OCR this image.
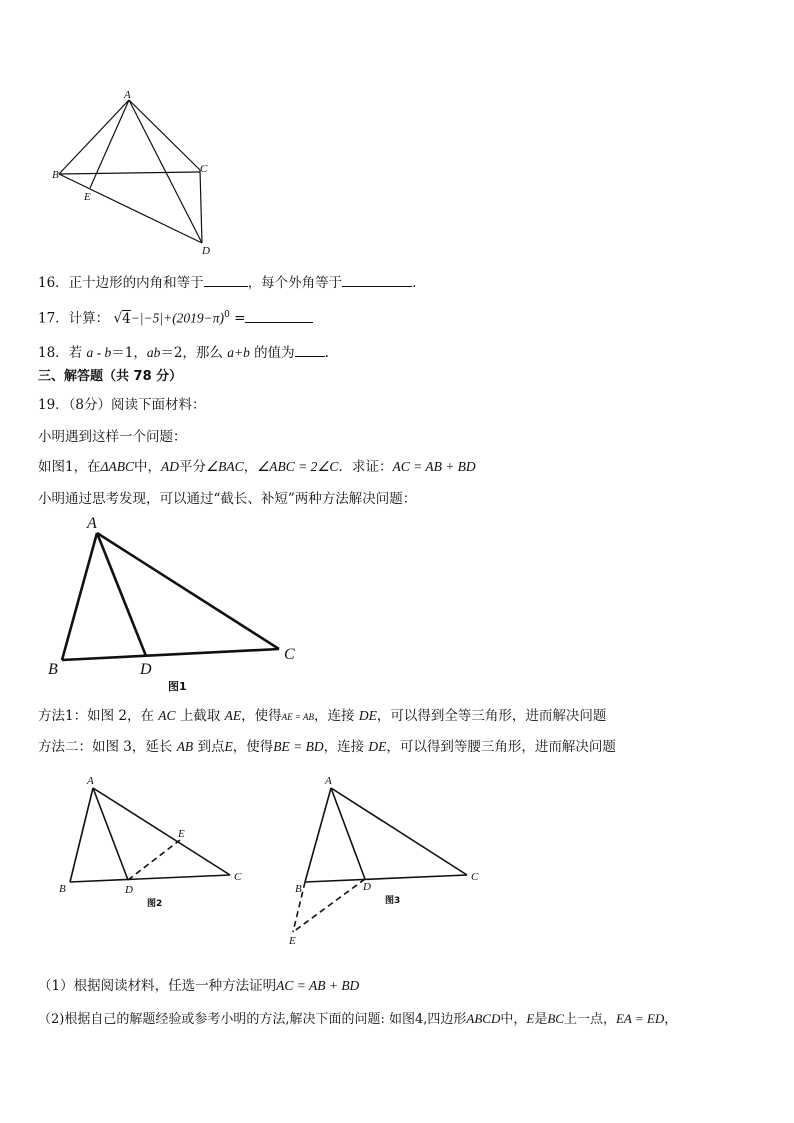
A
B	C
D
E
16．正十边形的内角和等于	，每个外角等于	．
17．计算： $√4-|-5|+(2019-\pi)^0$ =
18．若 a - b＝1，ab＝2，那么 a+b 的值为 .
三、解答题（共 78 分）
19．（8分）阅读下面材料：
小明遇到这样一个问题：
如图1，在ΔABC中，AD平分∠BAC，∠ABC = 2∠C．求证：AC = AB + BD
小明通过思考发现，可以通过“截长、补短”两种方法解决问题：
A
B
C
D
图1
方法1：如图 2，在 AC 上截取 AE，使得AE = AB，连接 DE，可以得到全等三角形，进而解决问题
方法二：如图 3，延长 AB 到点E，使得BE = BD，连接 DE，可以得到等腰三角形，进而解决问题
A
B
C
D
E
图2
A
B
C
D
E
图3
（1）根据阅读材料，任选一种方法证明AC = AB + BD
（2)根据自己的解题经验或参考小明的方法,解决下面的问题: 如图4,四边形ABCD中，E是BC上一点，EA = ED，
